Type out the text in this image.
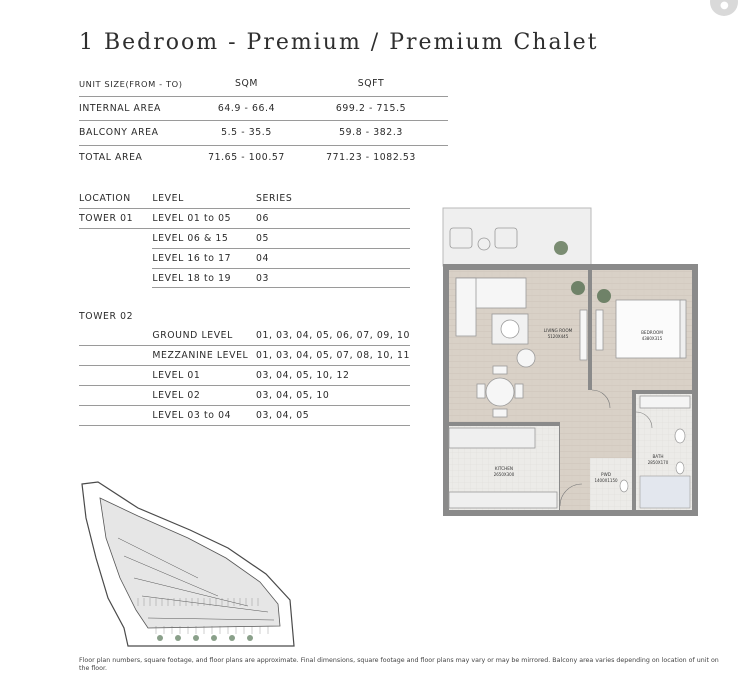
●
1 Bedroom - Premium / Premium Chalet
UNIT SIZE(FROM - TO)	SQM	SQFT
INTERNAL AREA	64.9 - 66.4	699.2 - 715.5
BALCONY AREA	5.5 - 35.5	59.8 - 382.3
TOTAL AREA	71.65 - 100.57	771.23 - 1082.53
LOCATION	LEVEL	SERIES
TOWER 01	LEVEL 01 to 05	06
	LEVEL 06 & 15	05
	LEVEL 16 to 17	04
	LEVEL 18 to 19	03

TOWER 02		
	GROUND LEVEL	01, 03, 04, 05, 06, 07, 09, 10
	MEZZANINE LEVEL	01, 03, 04, 05, 07, 08, 10, 11
	LEVEL 01	03, 04, 05, 10, 12
	LEVEL 02	03, 04, 05, 10
	LEVEL 03 to 04	03, 04, 05
LIVING ROOM
5120X445
BEDROOM
4380X315
KITCHEN
2650X300	PWD
1400X1150
BATH
2850X170
Floor plan numbers, square footage, and floor plans are approximate. Final dimensions, square footage and floor plans may vary or may be mirrored. Balcony area varies depending on location of unit on the floor.
